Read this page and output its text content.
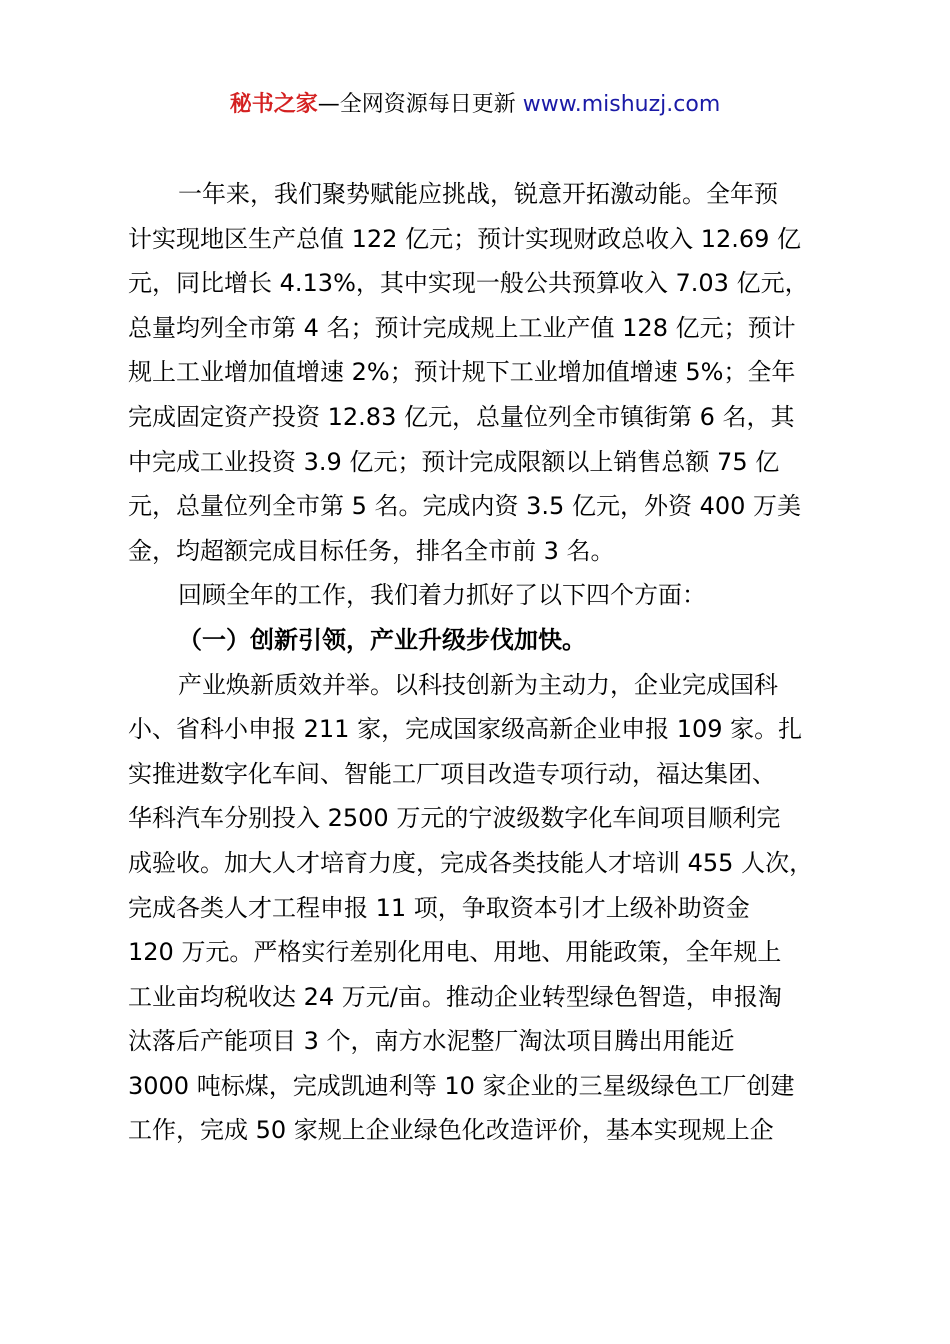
秘书之家—全网资源每日更新 www.mishuzj.com
一年来，我们聚势赋能应挑战，锐意开拓激动能。全年预
计实现地区生产总值 122 亿元；预计实现财政总收入 12.69 亿
元，同比增长 4.13%，其中实现一般公共预算收入 7.03 亿元，
总量均列全市第 4 名；预计完成规上工业产值 128 亿元；预计
规上工业增加值增速 2%；预计规下工业增加值增速 5%；全年
完成固定资产投资 12.83 亿元，总量位列全市镇街第 6 名，其
中完成工业投资 3.9 亿元；预计完成限额以上销售总额 75 亿
元，总量位列全市第 5 名。完成内资 3.5 亿元，外资 400 万美
金，均超额完成目标任务，排名全市前 3 名。
回顾全年的工作，我们着力抓好了以下四个方面：
（一）创新引领，产业升级步伐加快。
产业焕新质效并举。以科技创新为主动力，企业完成国科
小、省科小申报 211 家，完成国家级高新企业申报 109 家。扎
实推进数字化车间、智能工厂项目改造专项行动，福达集团、
华科汽车分别投入 2500 万元的宁波级数字化车间项目顺利完
成验收。加大人才培育力度，完成各类技能人才培训 455 人次，
完成各类人才工程申报 11 项，争取资本引才上级补助资金
120 万元。严格实行差别化用电、用地、用能政策，全年规上
工业亩均税收达 24 万元/亩。推动企业转型绿色智造，申报淘
汰落后产能项目 3 个，南方水泥整厂淘汰项目腾出用能近
3000 吨标煤，完成凯迪利等 10 家企业的三星级绿色工厂创建
工作，完成 50 家规上企业绿色化改造评价，基本实现规上企
